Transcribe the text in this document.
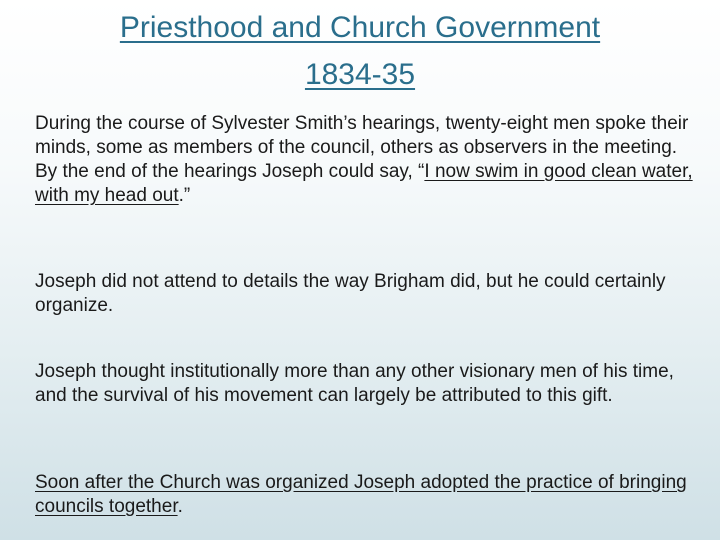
Priesthood and Church Government
1834-35

During the course of Sylvester Smith’s hearings, twenty-eight men spoke their minds, some as members of the council, others as observers in the meeting. By the end of the hearings Joseph could say, “I now swim in good clean water, with my head out.”

Joseph did not attend to details the way Brigham did, but he could certainly organize.

Joseph thought institutionally more than any other visionary men of his time, and the survival of his movement can largely be attributed to this gift.

Soon after the Church was organized Joseph adopted the practice of bringing councils together.
